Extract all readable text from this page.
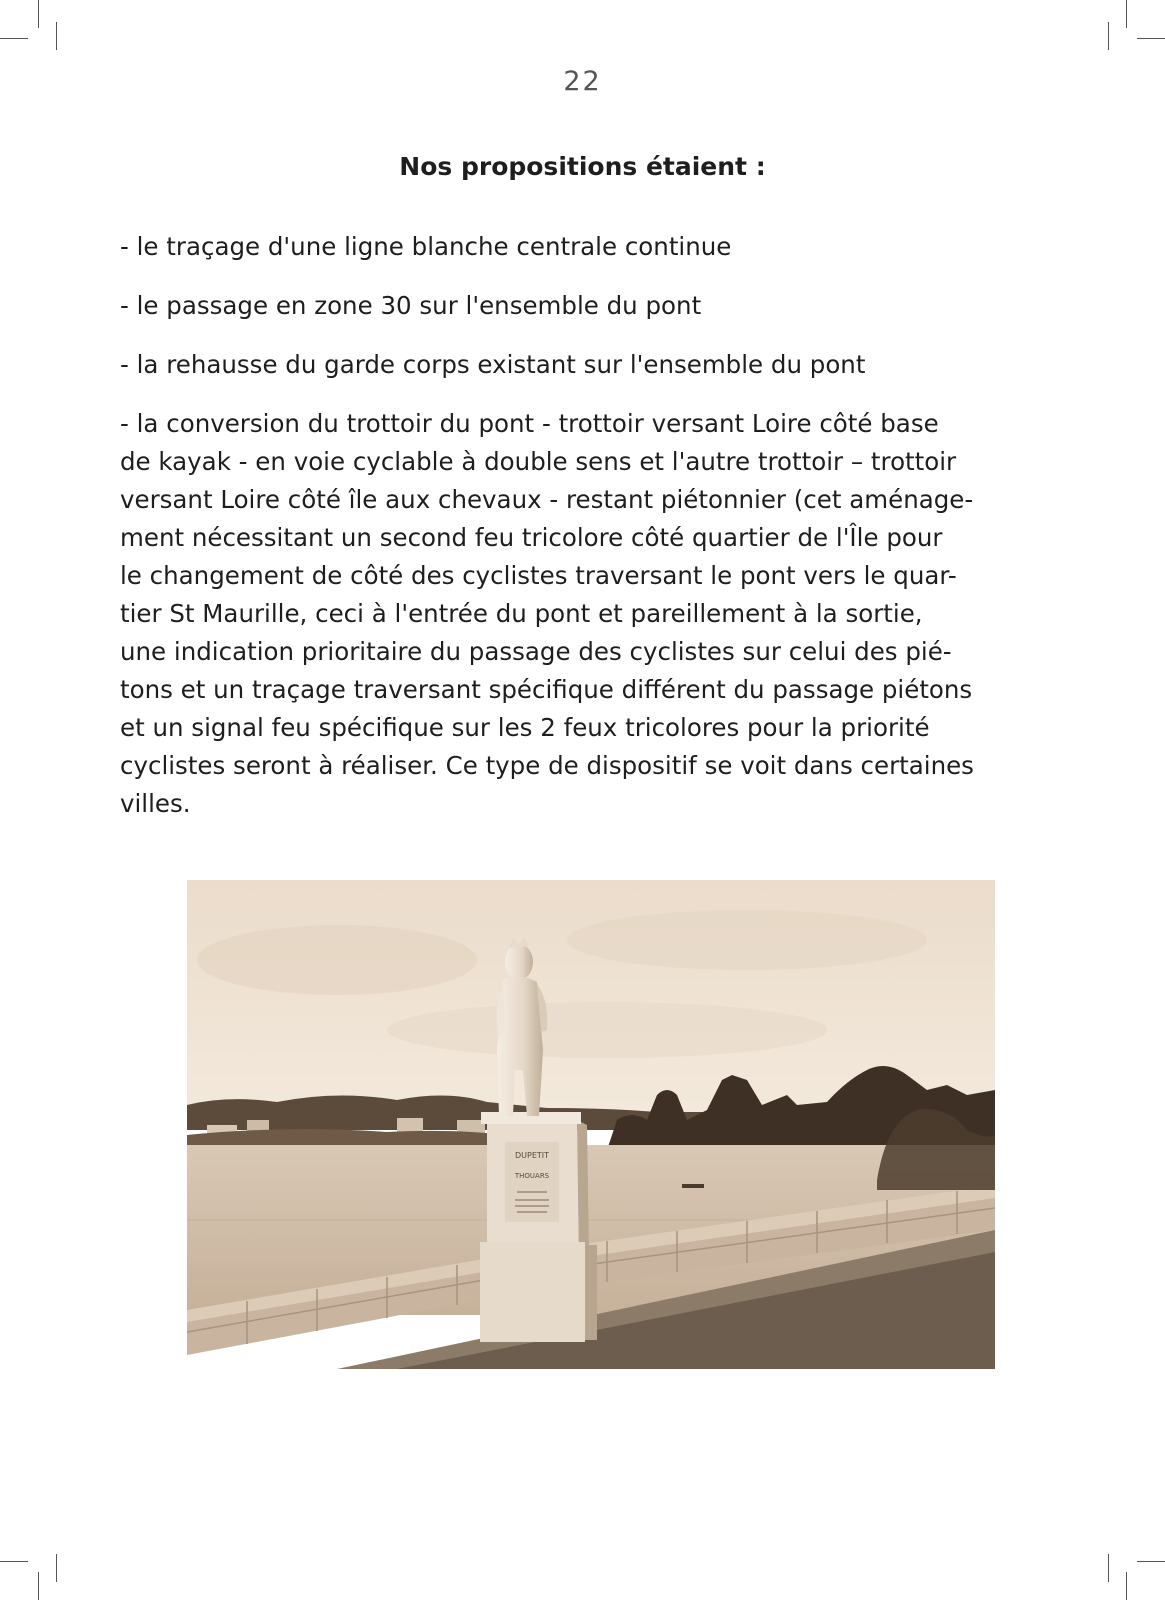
22
Nos propositions étaient :

- le traçage d'une ligne blanche centrale continue

- le passage en zone 30 sur l'ensemble du pont

- la rehausse du garde corps existant sur l'ensemble du pont

- la conversion du trottoir du pont - trottoir versant Loire côté base
de kayak - en voie cyclable à double sens et l'autre trottoir – trottoir
versant Loire côté île aux chevaux - restant piétonnier (cet aménage-
ment nécessitant un second feu tricolore côté quartier de l'Île pour
le changement de côté des cyclistes traversant le pont vers le quar-
tier St Maurille, ceci à l'entrée du pont et pareillement à la sortie,
une indication prioritaire du passage des cyclistes sur celui des pié-
tons et un traçage traversant spécifique différent du passage piétons
et un signal feu spécifique sur les 2 feux tricolores pour la priorité
cyclistes seront à réaliser. Ce type de dispositif se voit dans certaines
villes.

DUPETIT
THOUARS
